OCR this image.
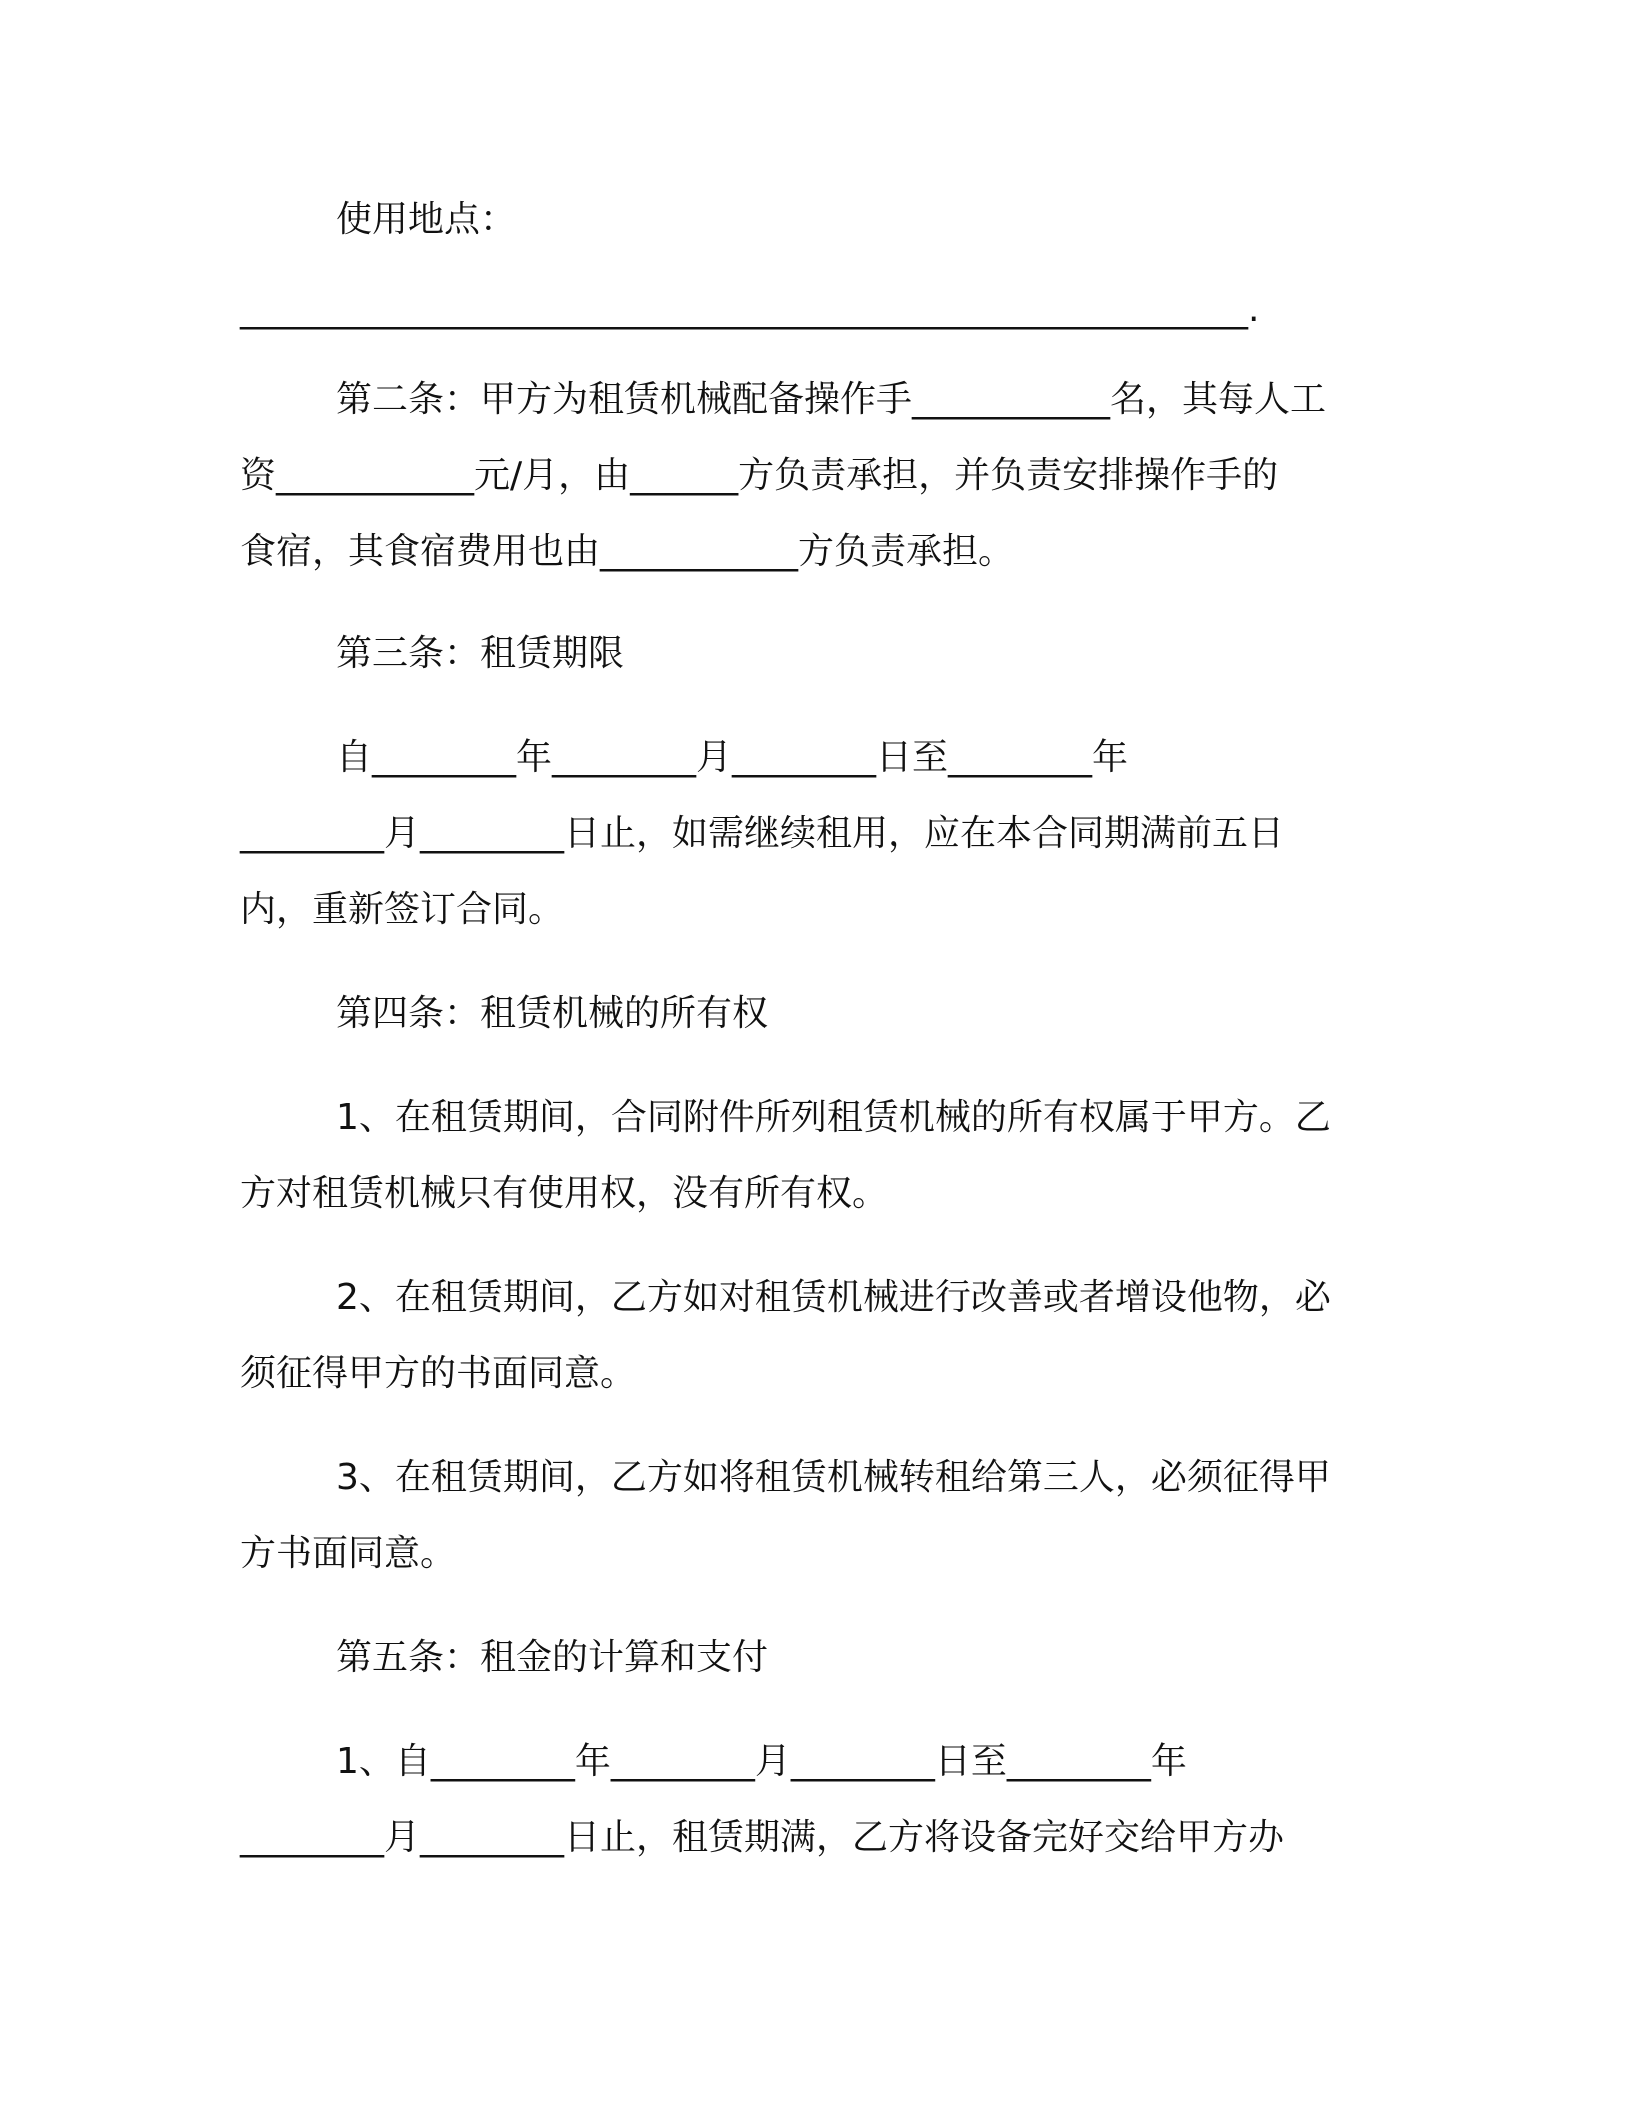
使用地点：
________________________________________________________.
第二条：甲方为租赁机械配备操作手___________名，其每人工
资___________元/月，由______方负责承担，并负责安排操作手的
食宿，其食宿费用也由___________方负责承担。
第三条：租赁期限
自________年________月________日至________年
________月________日止，如需继续租用，应在本合同期满前五日
内，重新签订合同。
第四条：租赁机械的所有权
1、在租赁期间，合同附件所列租赁机械的所有权属于甲方。乙
方对租赁机械只有使用权，没有所有权。
2、在租赁期间，乙方如对租赁机械进行改善或者增设他物，必
须征得甲方的书面同意。
3、在租赁期间，乙方如将租赁机械转租给第三人，必须征得甲
方书面同意。
第五条：租金的计算和支付
1、自________年________月________日至________年
________月________日止，租赁期满，乙方将设备完好交给甲方办
